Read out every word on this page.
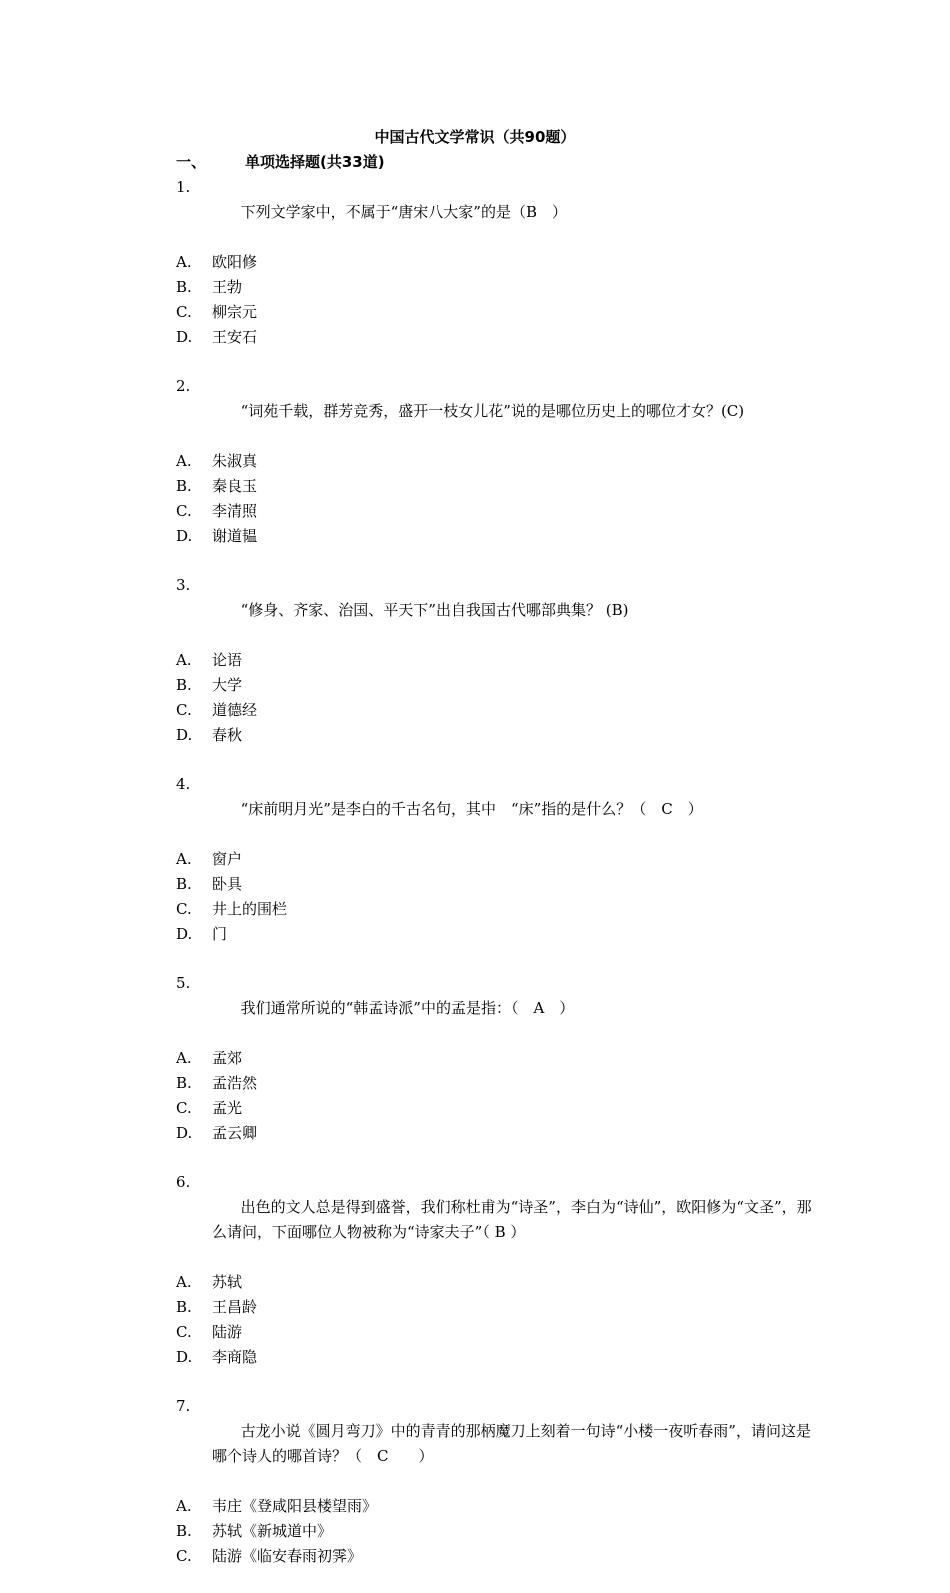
中国古代文学常识（共90题）
一、	单项选择题(共33道)

1.
下列文学家中，不属于“唐宋八大家”的是（B　）

A.	欧阳修
B.	王勃
C.	柳宗元
D.	王安石

2.
“词苑千载，群芳竞秀，盛开一枝女儿花”说的是哪位历史上的哪位才女？(C)

A.	朱淑真
B.	秦良玉
C.	李清照
D.	谢道韫

3.
“修身、齐家、治国、平天下”出自我国古代哪部典集？ (B)

A.	论语
B.	大学
C.	道德经
D.	春秋

4.
“床前明月光”是李白的千古名句，其中　“床”指的是什么？（　C　）

A.	窗户
B.	卧具
C.	井上的围栏
D.	门

5.
我们通常所说的“韩孟诗派”中的孟是指：（　A　）

A.	孟郊
B.	孟浩然
C.	孟光
D.	孟云卿

6.
出色的文人总是得到盛誉，我们称杜甫为“诗圣”，李白为“诗仙”，欧阳修为“文圣”，那么请问，下面哪位人物被称为“诗家夫子”（ B ）

A.	苏轼
B.	王昌龄
C.	陆游
D.	李商隐

7.
古龙小说《圆月弯刀》中的青青的那柄魔刀上刻着一句诗“小楼一夜听春雨”，请问这是哪个诗人的哪首诗？（　C　　）

A.	韦庄《登咸阳县楼望雨》
B.	苏轼《新城道中》
C.	陆游《临安春雨初霁》
